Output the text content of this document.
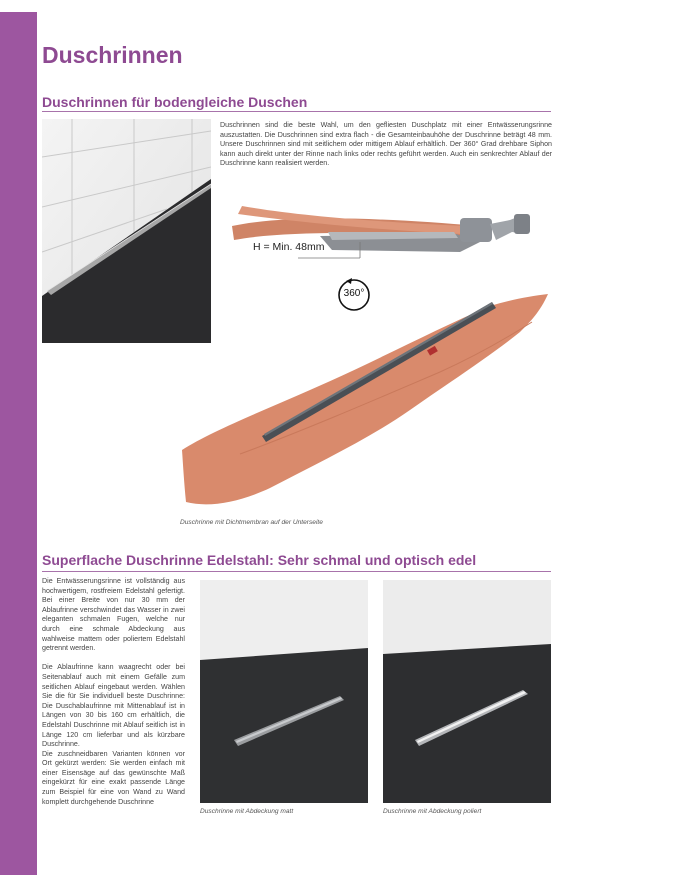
Duschrinnen
Duschrinnen für bodengleiche Duschen

Duschrinnen sind die beste Wahl, um den gefliesten Duschplatz mit einer Entwässerungsrinne auszustatten. Die Duschrinnen sind extra flach - die Gesamteinbauhöhe der Duschrinne beträgt 48 mm. Unsere Duschrinnen sind mit seitlichem oder mittigem Ablauf erhältlich. Der 360° Grad drehbare Siphon kann auch direkt unter der Rinne nach links oder rechts geführt werden. Auch ein senkrechter Ablauf der Duschrinne kann realisiert werden.

H = Min. 48mm
360°

Duschrinne mit Dichtmembran auf der Unterseite

Superflache Duschrinne Edelstahl: Sehr schmal und optisch edel

Die Entwässerungsrinne ist vollständig aus hochwertigem, rostfreiem Edelstahl gefertigt. Bei einer Breite von nur 30 mm der Ablaufrinne verschwindet das Wasser in zwei eleganten schmalen Fugen, welche nur durch eine schmale Abdeckung aus wahlweise mattem oder poliertem Edelstahl getrennt werden.

Die Ablaufrinne kann waagrecht oder bei Seitenablauf auch mit einem Gefälle zum seitlichen Ablauf eingebaut werden. Wählen Sie die für Sie individuell beste Duschrinne: Die Duschablaufrinne mit Mittenablauf ist in Längen von 30 bis 160 cm erhältlich, die Edelstahl Duschrinne mit Ablauf seitlich ist in Länge 120 cm lieferbar und als kürzbare Duschrinne.

Die zuschneidbaren Varianten können vor Ort gekürzt werden: Sie werden einfach mit einer Eisensäge auf das gewünschte Maß eingekürzt für eine exakt passende Länge zum Beispiel für eine von Wand zu Wand komplett durchgehende Duschrinne

Duschrinne mit Abdeckung matt	Duschrinne mit Abdeckung poliert
